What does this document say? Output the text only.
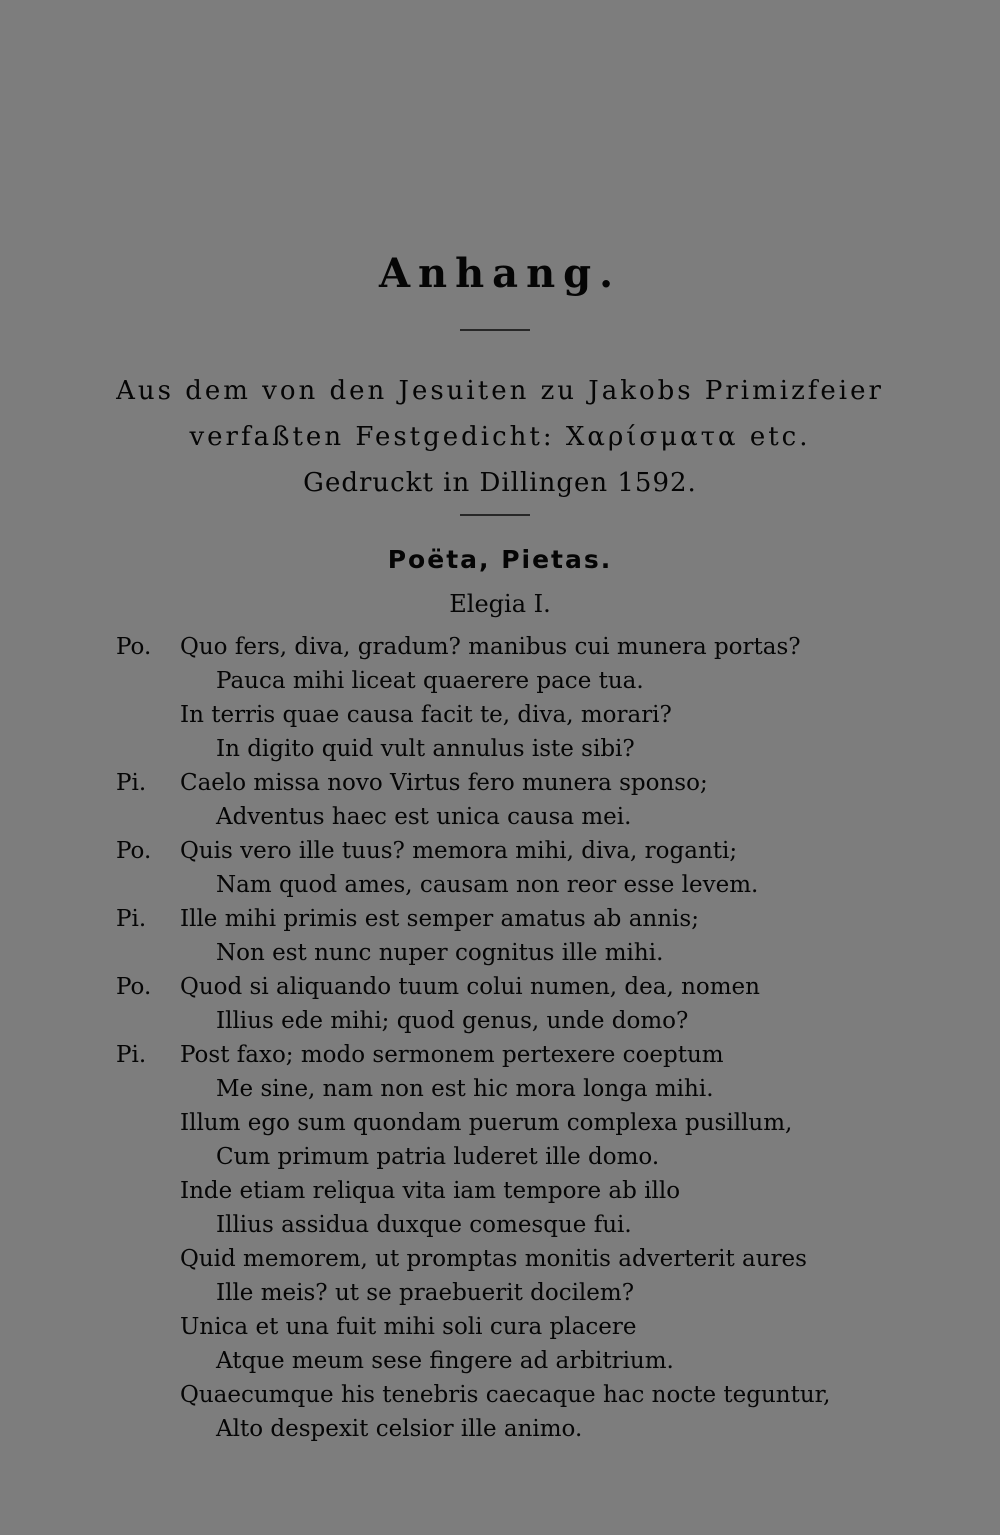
Anhang.
Aus dem von den Jesuiten zu Jakobs Primizfeier
verfaßten Festgedicht: Χαρίσματα etc.
Gedruckt in Dillingen 1592.
Poëta, Pietas.
Elegia I.
Po.	Quo fers, diva, gradum? manibus cui munera portas?
Pauca mihi liceat quaerere pace tua.
In terris quae causa facit te, diva, morari?
In digito quid vult annulus iste sibi?
Pi.	Caelo missa novo Virtus fero munera sponso;
Adventus haec est unica causa mei.
Po.	Quis vero ille tuus? memora mihi, diva, roganti;
Nam quod ames, causam non reor esse levem.
Pi.	Ille mihi primis est semper amatus ab annis;
Non est nunc nuper cognitus ille mihi.
Po.	Quod si aliquando tuum colui numen, dea, nomen
Illius ede mihi; quod genus, unde domo?
Pi.	Post faxo; modo sermonem pertexere coeptum
Me sine, nam non est hic mora longa mihi.
Illum ego sum quondam puerum complexa pusillum,
Cum primum patria luderet ille domo.
Inde etiam reliqua vita iam tempore ab illo
Illius assidua duxque comesque fui.
Quid memorem, ut promptas monitis adverterit aures
Ille meis? ut se praebuerit docilem?
Unica et una fuit mihi soli cura placere
Atque meum sese fingere ad arbitrium.
Quaecumque his tenebris caecaque hac nocte teguntur,
Alto despexit celsior ille animo.
